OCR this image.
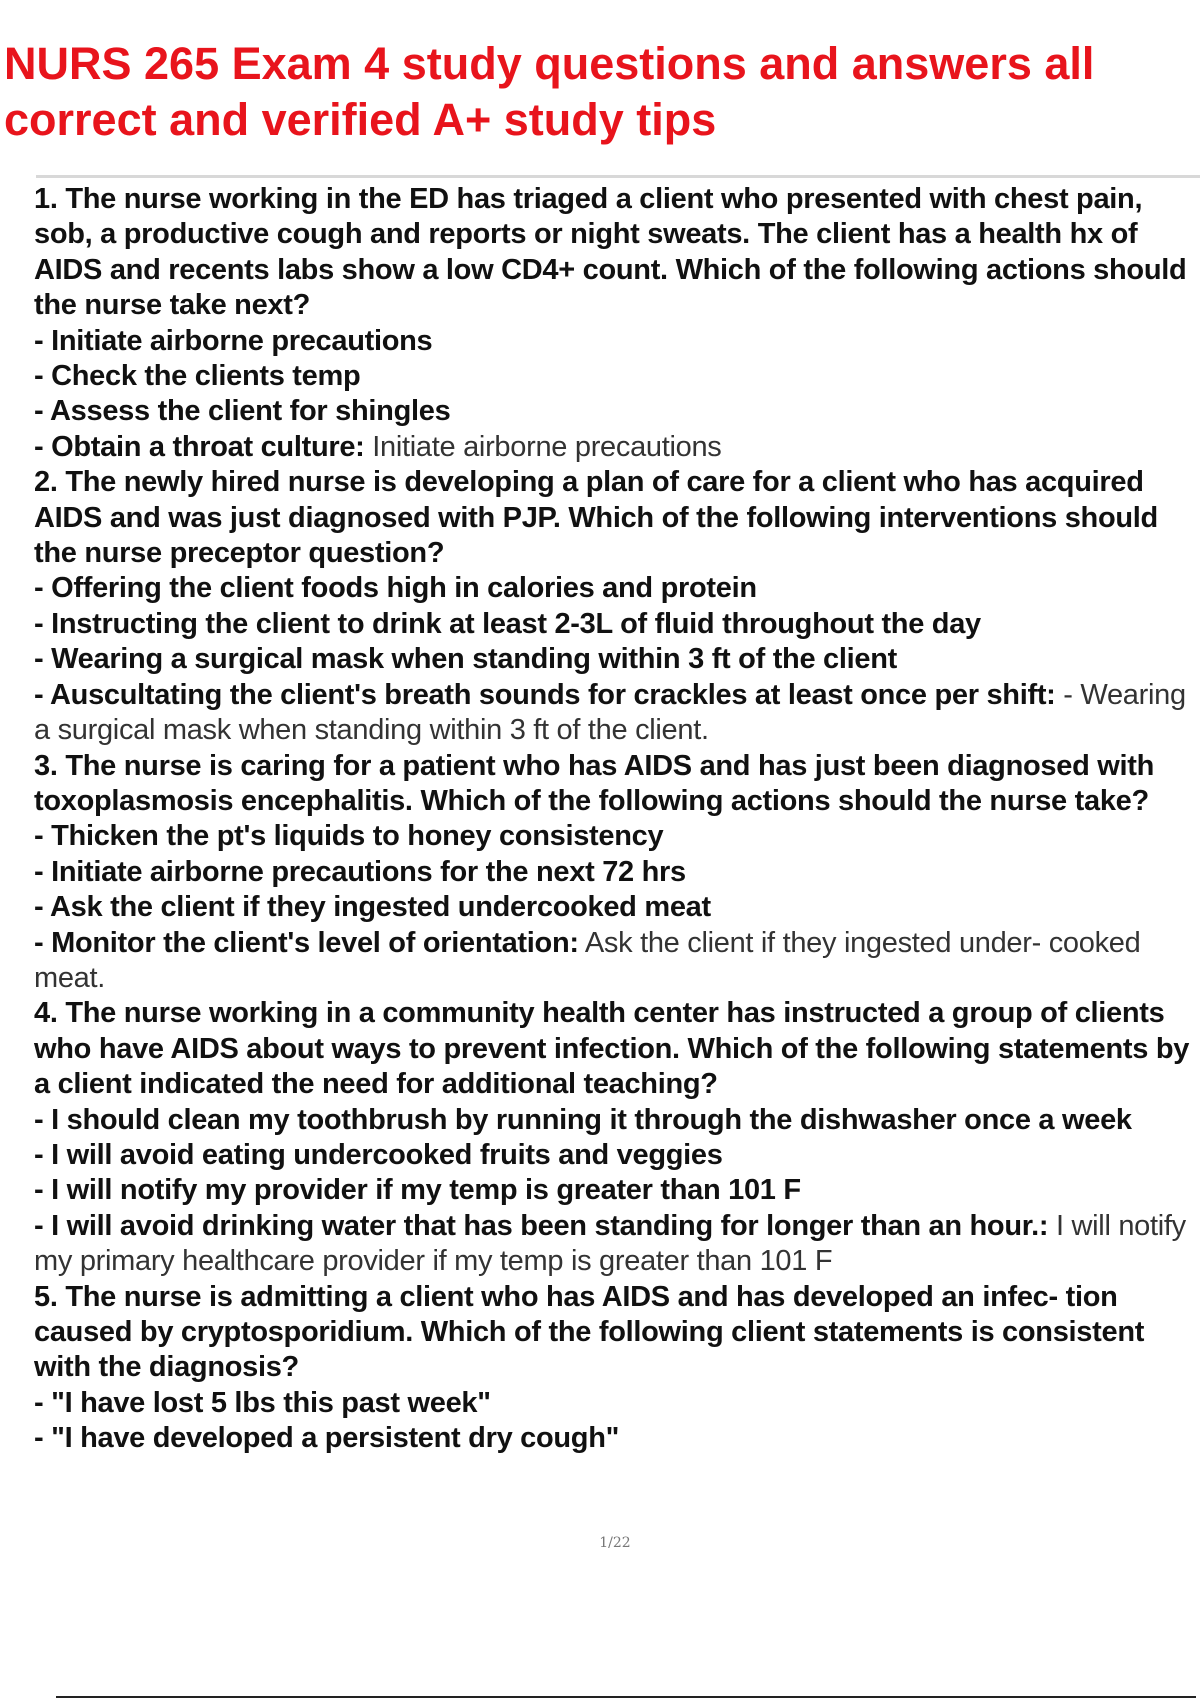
NURS 265 Exam 4 study questions and answers all correct and verified A+ study tips

1. The nurse working in the ED has triaged a client who presented with chest pain, sob, a productive cough and reports or night sweats. The client has a health hx of AIDS and recents labs show a low CD4+ count. Which of the following actions should the nurse take next?

- Initiate airborne precautions

- Check the clients temp

- Assess the client for shingles

- Obtain a throat culture: Initiate airborne precautions

2. The newly hired nurse is developing a plan of care for a client who has acquired AIDS and was just diagnosed with PJP. Which of the following interventions should the nurse preceptor question?

- Offering the client foods high in calories and protein

- Instructing the client to drink at least 2-3L of fluid throughout the day

- Wearing a surgical mask when standing within 3 ft of the client

- Auscultating the client's breath sounds for crackles at least once per shift: - Wearing a surgical mask when standing within 3 ft of the client.

3. The nurse is caring for a patient who has AIDS and has just been diagnosed with toxoplasmosis encephalitis. Which of the following actions should the nurse take?

- Thicken the pt's liquids to honey consistency

- Initiate airborne precautions for the next 72 hrs

- Ask the client if they ingested undercooked meat

- Monitor the client's level of orientation: Ask the client if they ingested under- cooked meat.

4. The nurse working in a community health center has instructed a group of clients who have AIDS about ways to prevent infection. Which of the following statements by a client indicated the need for additional teaching?

- I should clean my toothbrush by running it through the dishwasher once a week

- I will avoid eating undercooked fruits and veggies

- I will notify my provider if my temp is greater than 101 F

- I will avoid drinking water that has been standing for longer than an hour.: I will notify my primary healthcare provider if my temp is greater than 101 F

5. The nurse is admitting a client who has AIDS and has developed an infec- tion caused by cryptosporidium. Which of the following client statements is consistent with the diagnosis?

- "I have lost 5 lbs this past week"

- "I have developed a persistent dry cough"

1/22
